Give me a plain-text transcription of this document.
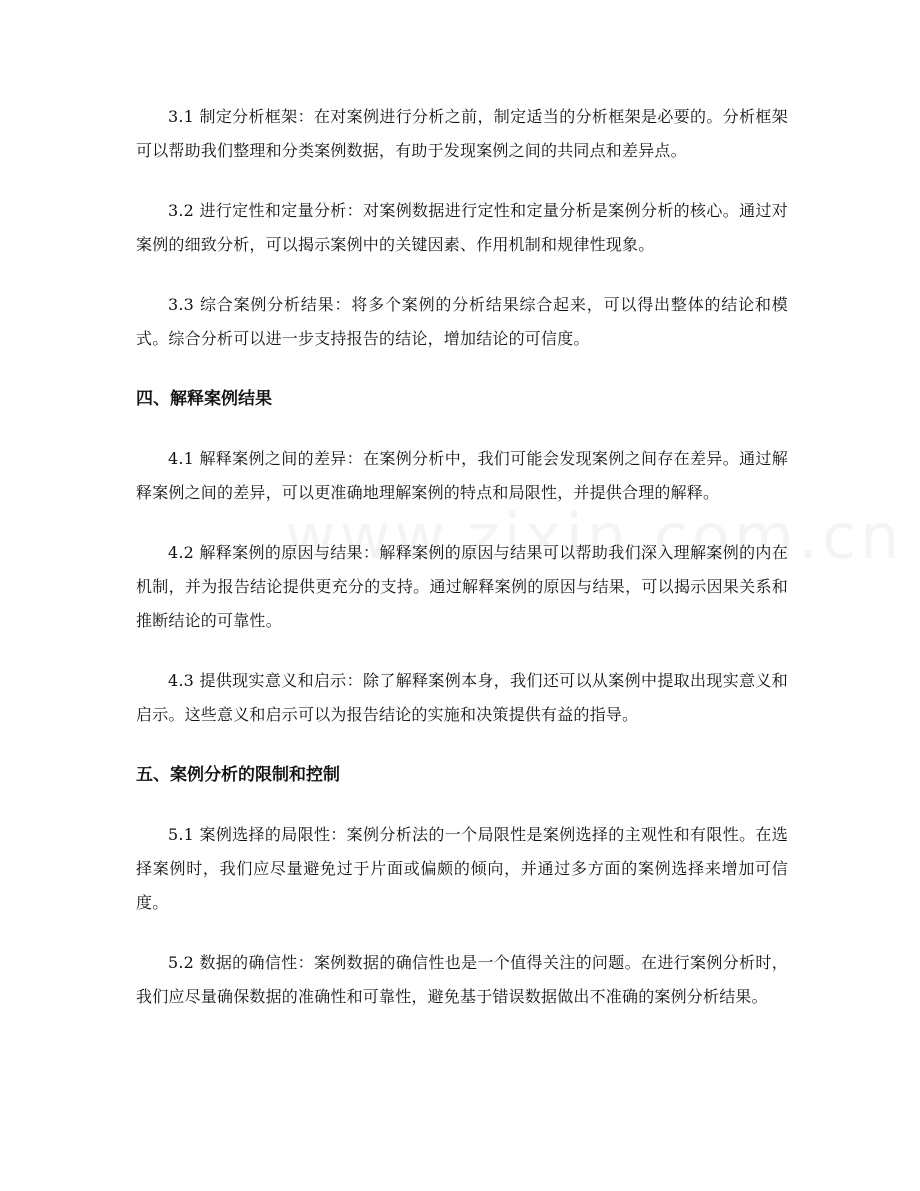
3.1 制定分析框架：在对案例进行分析之前，制定适当的分析框架是必要的。分析框架可以帮助我们整理和分类案例数据，有助于发现案例之间的共同点和差异点。

3.2 进行定性和定量分析：对案例数据进行定性和定量分析是案例分析的核心。通过对案例的细致分析，可以揭示案例中的关键因素、作用机制和规律性现象。

3.3 综合案例分析结果：将多个案例的分析结果综合起来，可以得出整体的结论和模式。综合分析可以进一步支持报告的结论，增加结论的可信度。

四、解释案例结果

4.1 解释案例之间的差异：在案例分析中，我们可能会发现案例之间存在差异。通过解释案例之间的差异，可以更准确地理解案例的特点和局限性，并提供合理的解释。

4.2 解释案例的原因与结果：解释案例的原因与结果可以帮助我们深入理解案例的内在机制，并为报告结论提供更充分的支持。通过解释案例的原因与结果，可以揭示因果关系和推断结论的可靠性。

4.3 提供现实意义和启示：除了解释案例本身，我们还可以从案例中提取出现实意义和启示。这些意义和启示可以为报告结论的实施和决策提供有益的指导。

五、案例分析的限制和控制

5.1 案例选择的局限性：案例分析法的一个局限性是案例选择的主观性和有限性。在选择案例时，我们应尽量避免过于片面或偏颇的倾向，并通过多方面的案例选择来增加可信度。

5.2 数据的确信性：案例数据的确信性也是一个值得关注的问题。在进行案例分析时，我们应尽量确保数据的准确性和可靠性，避免基于错误数据做出不准确的案例分析结果。
